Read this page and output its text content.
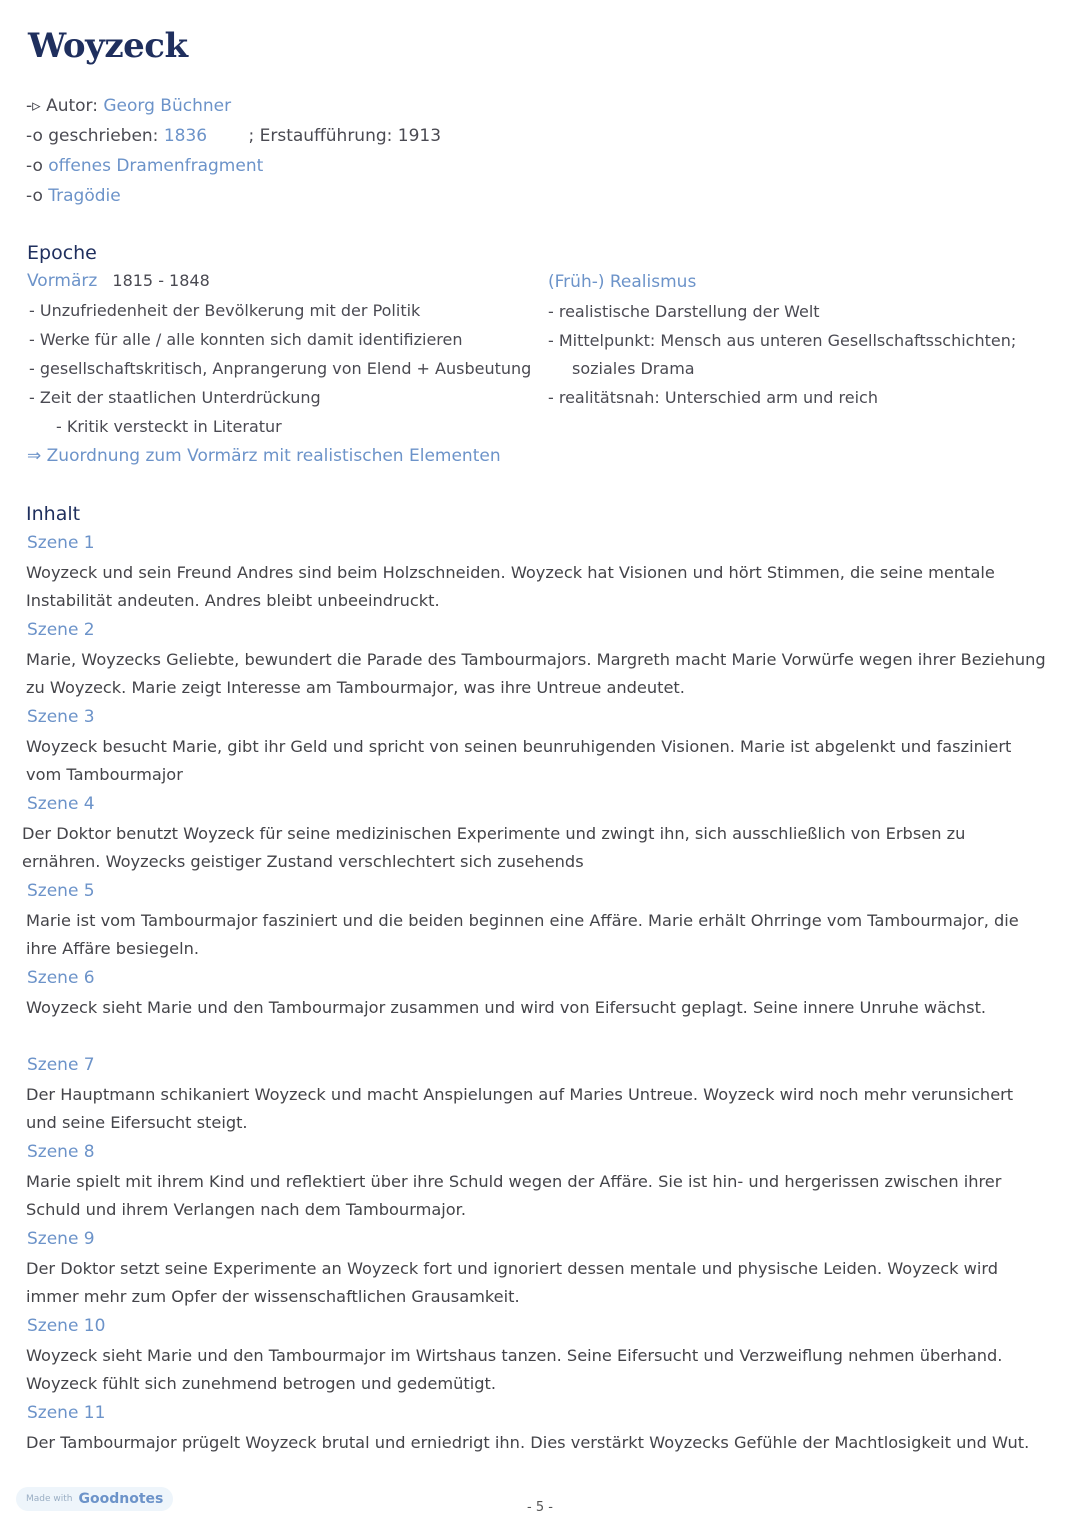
Woyzeck
-▹ Autor: Georg Büchner
-o geschrieben: 1836 ; Erstaufführung: 1913
-o offenes Dramenfragment
-o Tragödie
Epoche
Vormärz 1815 - 1848
- Unzufriedenheit der Bevölkerung mit der Politik
- Werke für alle / alle konnten sich damit identifizieren
- gesellschaftskritisch, Anprangerung von Elend + Ausbeutung
- Zeit der staatlichen Unterdrückung
- Kritik versteckt in Literatur
⇒ Zuordnung zum Vormärz mit realistischen Elementen
(Früh-) Realismus
- realistische Darstellung der Welt
- Mittelpunkt: Mensch aus unteren Gesellschaftsschichten;
soziales Drama
- realitätsnah: Unterschied arm und reich
Inhalt
Szene 1
Woyzeck und sein Freund Andres sind beim Holzschneiden. Woyzeck hat Visionen und hört Stimmen, die seine mentale Instabilität andeuten. Andres bleibt unbeeindruckt.
Szene 2
Marie, Woyzecks Geliebte, bewundert die Parade des Tambourmajors. Margreth macht Marie Vorwürfe wegen ihrer Beziehung zu Woyzeck. Marie zeigt Interesse am Tambourmajor, was ihre Untreue andeutet.
Szene 3
Woyzeck besucht Marie, gibt ihr Geld und spricht von seinen beunruhigenden Visionen. Marie ist abgelenkt und fasziniert vom Tambourmajor
Szene 4
Der Doktor benutzt Woyzeck für seine medizinischen Experimente und zwingt ihn, sich ausschließlich von Erbsen zu ernähren. Woyzecks geistiger Zustand verschlechtert sich zusehends
Szene 5
Marie ist vom Tambourmajor fasziniert und die beiden beginnen eine Affäre. Marie erhält Ohrringe vom Tambourmajor, die ihre Affäre besiegeln.
Szene 6
Woyzeck sieht Marie und den Tambourmajor zusammen und wird von Eifersucht geplagt. Seine innere Unruhe wächst.
Szene 7
Der Hauptmann schikaniert Woyzeck und macht Anspielungen auf Maries Untreue. Woyzeck wird noch mehr verunsichert und seine Eifersucht steigt.
Szene 8
Marie spielt mit ihrem Kind und reflektiert über ihre Schuld wegen der Affäre. Sie ist hin- und hergerissen zwischen ihrer Schuld und ihrem Verlangen nach dem Tambourmajor.
Szene 9
Der Doktor setzt seine Experimente an Woyzeck fort und ignoriert dessen mentale und physische Leiden. Woyzeck wird immer mehr zum Opfer der wissenschaftlichen Grausamkeit.
Szene 10
Woyzeck sieht Marie und den Tambourmajor im Wirtshaus tanzen. Seine Eifersucht und Verzweiflung nehmen überhand. Woyzeck fühlt sich zunehmend betrogen und gedemütigt.
Szene 11
Der Tambourmajor prügelt Woyzeck brutal und erniedrigt ihn. Dies verstärkt Woyzecks Gefühle der Machtlosigkeit und Wut.
Made with Goodnotes
- 5 -
